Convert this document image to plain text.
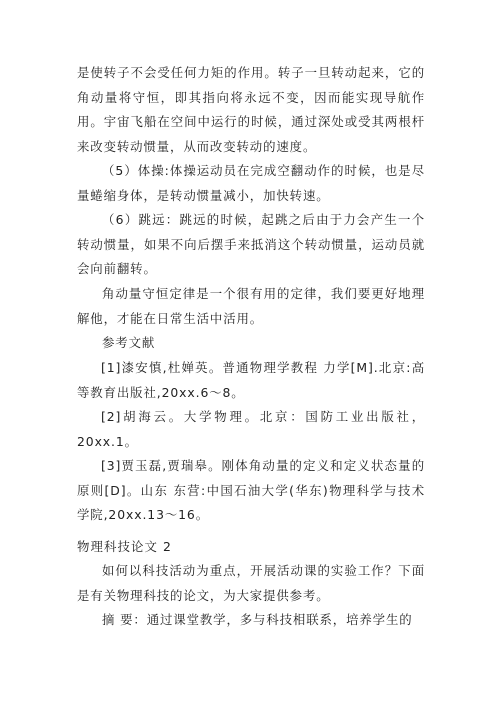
是使转子不会受任何力矩的作用。转子一旦转动起来，它的角动量将守恒，即其指向将永远不变，因而能实现导航作用。宇宙飞船在空间中运行的时候，通过深处或受其两根杆来改变转动惯量，从而改变转动的速度。
（5）体操:体操运动员在完成空翻动作的时候，也是尽量蜷缩身体，是转动惯量减小，加快转速。
（6）跳远：跳远的时候，起跳之后由于力会产生一个转动惯量，如果不向后摆手来抵消这个转动惯量，运动员就会向前翻转。
角动量守恒定律是一个很有用的定律，我们要更好地理解他，才能在日常生活中活用。
参考文献
[1]漆安慎,杜婵英。普通物理学教程 力学[M].北京:高等教育出版社,20xx.6～8。
[2]胡海云。大学物理。北京：国防工业出版社，20xx.1。
[3]贾玉磊,贾瑞皋。刚体角动量的定义和定义状态量的原则[D]。山东 东营:中国石油大学(华东)物理科学与技术学院,20xx.13～16。
物理科技论文 2
如何以科技活动为重点，开展活动课的实验工作？下面是有关物理科技的论文，为大家提供参考。
摘 要：通过课堂教学，多与科技相联系，培养学生的
